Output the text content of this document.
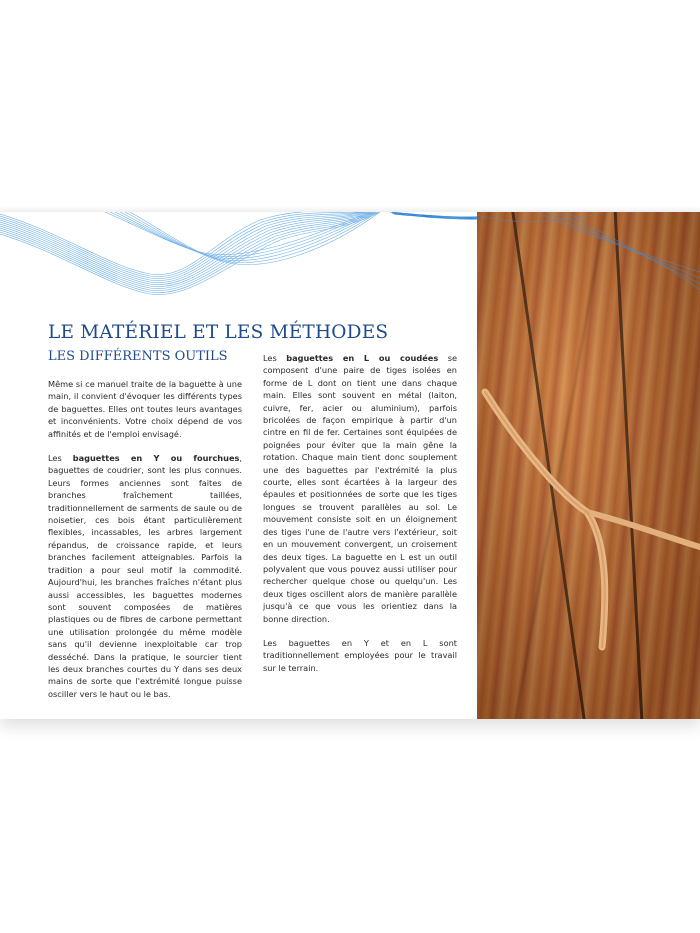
LE MATÉRIEL ET LES MÉTHODES
LES DIFFÉRENTS OUTILS

Même si ce manuel traite de la baguette à une main, il convient d'évoquer les différents types de baguettes. Elles ont toutes leurs avantages et inconvénients. Votre choix dépend de vos affinités et de l'emploi envisagé.

Les baguettes en Y ou fourchues, baguettes de coudrier, sont les plus connues. Leurs formes anciennes sont faites de branches fraîchement taillées, traditionnellement de sarments de saule ou de noisetier, ces bois étant particulièrement flexibles, incassables, les arbres largement répandus, de croissance rapide, et leurs branches facilement atteignables. Parfois la tradition a pour seul motif la commodité. Aujourd'hui, les branches fraîches n'étant plus aussi accessibles, les baguettes modernes sont souvent composées de matières plastiques ou de fibres de carbone permettant une utilisation prolongée du même modèle sans qu'il devienne inexploitable car trop desséché. Dans la pratique, le sourcier tient les deux branches courtes du Y dans ses deux mains de sorte que l'extrémité longue puisse osciller vers le haut ou le bas.

Les baguettes en L ou coudées se composent d'une paire de tiges isolées en forme de L dont on tient une dans chaque main. Elles sont souvent en métal (laiton, cuivre, fer, acier ou aluminium), parfois bricolées de façon empirique à partir d'un cintre en fil de fer. Certaines sont équipées de poignées pour éviter que la main gêne la rotation. Chaque main tient donc souplement une des baguettes par l'extrémité la plus courte, elles sont écartées à la largeur des épaules et positionnées de sorte que les tiges longues se trouvent parallèles au sol. Le mouvement consiste soit en un éloignement des tiges l'une de l'autre vers l'extérieur, soit en un mouvement convergent, un croisement des deux tiges. La baguette en L est un outil polyvalent que vous pouvez aussi utiliser pour rechercher quelque chose ou quelqu'un. Les deux tiges oscillent alors de manière parallèle jusqu'à ce que vous les orientiez dans la bonne direction.

Les baguettes en Y et en L sont traditionnellement employées pour le travail sur le terrain.
